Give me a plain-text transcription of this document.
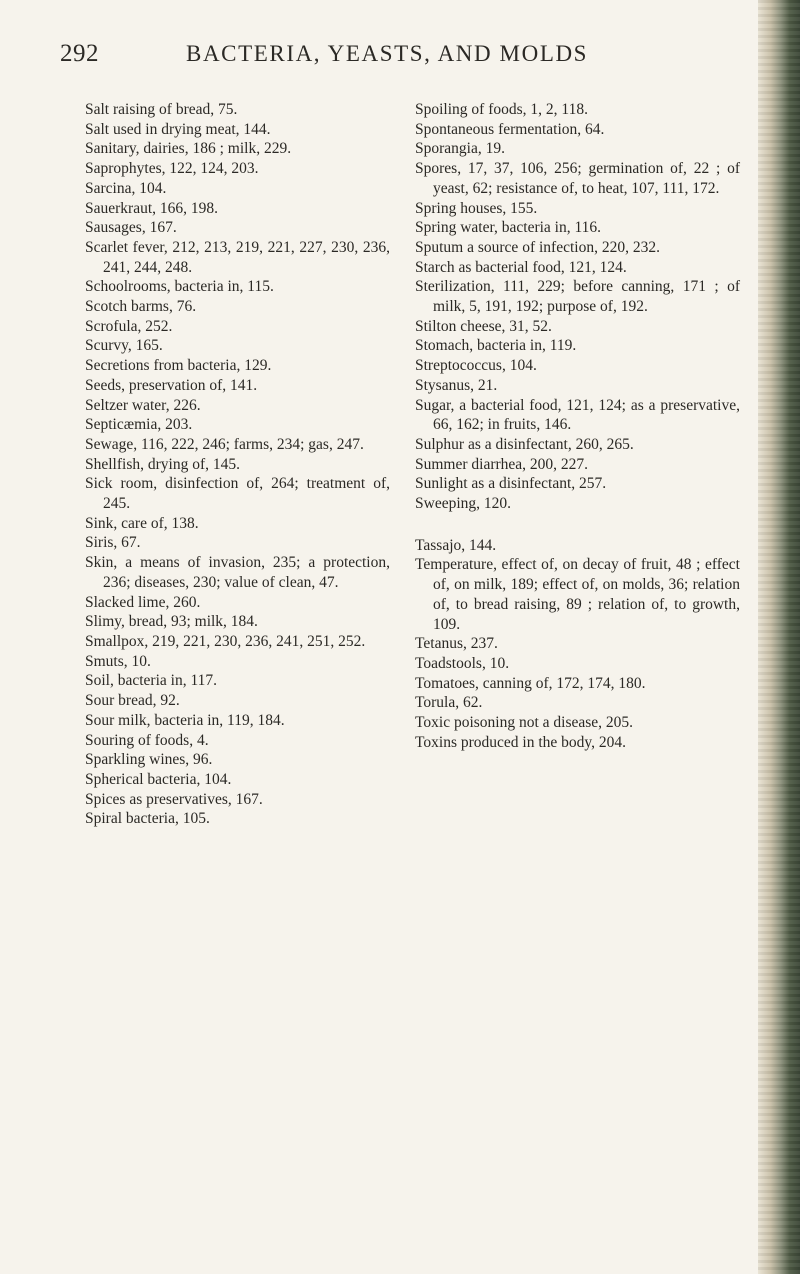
292	BACTERIA, YEASTS, AND MOLDS
Salt raising of bread, 75.
Salt used in drying meat, 144.
Sanitary, dairies, 186 ; milk, 229.
Saprophytes, 122, 124, 203.
Sarcina, 104.
Sauerkraut, 166, 198.
Sausages, 167.
Scarlet fever, 212, 213, 219, 221, 227, 230, 236, 241, 244, 248.
Schoolrooms, bacteria in, 115.
Scotch barms, 76.
Scrofula, 252.
Scurvy, 165.
Secretions from bacteria, 129.
Seeds, preservation of, 141.
Seltzer water, 226.
Septicæmia, 203.
Sewage, 116, 222, 246; farms, 234; gas, 247.
Shellfish, drying of, 145.
Sick room, disinfection of, 264; treatment of, 245.
Sink, care of, 138.
Siris, 67.
Skin, a means of invasion, 235; a protection, 236; diseases, 230; value of clean, 47.
Slacked lime, 260.
Slimy, bread, 93; milk, 184.
Smallpox, 219, 221, 230, 236, 241, 251, 252.
Smuts, 10.
Soil, bacteria in, 117.
Sour bread, 92.
Sour milk, bacteria in, 119, 184.
Souring of foods, 4.
Sparkling wines, 96.
Spherical bacteria, 104.
Spices as preservatives, 167.
Spiral bacteria, 105.
Spoiling of foods, 1, 2, 118.
Spontaneous fermentation, 64.
Sporangia, 19.
Spores, 17, 37, 106, 256; germination of, 22 ; of yeast, 62; resistance of, to heat, 107, 111, 172.
Spring houses, 155.
Spring water, bacteria in, 116.
Sputum a source of infection, 220, 232.
Starch as bacterial food, 121, 124.
Sterilization, 111, 229; before canning, 171 ; of milk, 5, 191, 192; purpose of, 192.
Stilton cheese, 31, 52.
Stomach, bacteria in, 119.
Streptococcus, 104.
Stysanus, 21.
Sugar, a bacterial food, 121, 124; as a preservative, 66, 162; in fruits, 146.
Sulphur as a disinfectant, 260, 265.
Summer diarrhea, 200, 227.
Sunlight as a disinfectant, 257.
Sweeping, 120.
Tassajo, 144.
Temperature, effect of, on decay of fruit, 48 ; effect of, on milk, 189; effect of, on molds, 36; relation of, to bread raising, 89 ; relation of, to growth, 109.
Tetanus, 237.
Toadstools, 10.
Tomatoes, canning of, 172, 174, 180.
Torula, 62.
Toxic poisoning not a disease, 205.
Toxins produced in the body, 204.
